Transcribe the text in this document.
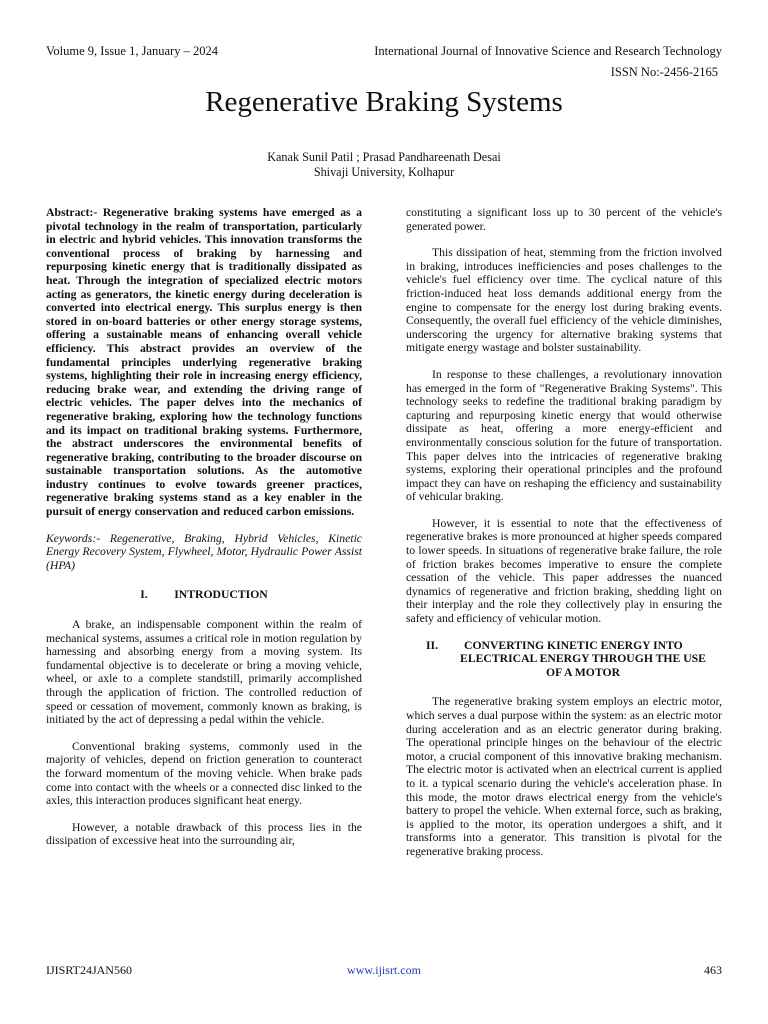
Volume 9, Issue 1, January – 2024	International Journal of Innovative Science and Research Technology
ISSN No:-2456-2165
Regenerative Braking Systems
Kanak Sunil Patil ; Prasad Pandhareenath Desai
Shivaji University, Kolhapur

Abstract:- Regenerative braking systems have emerged as a pivotal technology in the realm of transportation, particularly in electric and hybrid vehicles. This innovation transforms the conventional process of braking by harnessing and repurposing kinetic energy that is traditionally dissipated as heat. Through the integration of specialized electric motors acting as generators, the kinetic energy during deceleration is converted into electrical energy. This surplus energy is then stored in on-board batteries or other energy storage systems, offering a sustainable means of enhancing overall vehicle efficiency. This abstract provides an overview of the fundamental principles underlying regenerative braking systems, highlighting their role in increasing energy efficiency, reducing brake wear, and extending the driving range of electric vehicles. The paper delves into the mechanics of regenerative braking, exploring how the technology functions and its impact on traditional braking systems. Furthermore, the abstract underscores the environmental benefits of regenerative braking, contributing to the broader discourse on sustainable transportation solutions. As the automotive industry continues to evolve towards greener practices, regenerative braking systems stand as a key enabler in the pursuit of energy conservation and reduced carbon emissions.

Keywords:- Regenerative, Braking, Hybrid Vehicles, Kinetic Energy Recovery System, Flywheel, Motor, Hydraulic Power Assist (HPA)

I. INTRODUCTION

A brake, an indispensable component within the realm of mechanical systems, assumes a critical role in motion regulation by harnessing and absorbing energy from a moving system. Its fundamental objective is to decelerate or bring a moving vehicle, wheel, or axle to a complete standstill, primarily accomplished through the application of friction. The controlled reduction of speed or cessation of movement, commonly known as braking, is initiated by the act of depressing a pedal within the vehicle.

Conventional braking systems, commonly used in the majority of vehicles, depend on friction generation to counteract the forward momentum of the moving vehicle. When brake pads come into contact with the wheels or a connected disc linked to the axles, this interaction produces significant heat energy.

However, a notable drawback of this process lies in the dissipation of excessive heat into the surrounding air,

constituting a significant loss up to 30 percent of the vehicle's generated power.

This dissipation of heat, stemming from the friction involved in braking, introduces inefficiencies and poses challenges to the vehicle's fuel efficiency over time. The cyclical nature of this friction-induced heat loss demands additional energy from the engine to compensate for the energy lost during braking events. Consequently, the overall fuel efficiency of the vehicle diminishes, underscoring the urgency for alternative braking systems that mitigate energy wastage and bolster sustainability.

In response to these challenges, a revolutionary innovation has emerged in the form of "Regenerative Braking Systems". This technology seeks to redefine the traditional braking paradigm by capturing and repurposing kinetic energy that would otherwise dissipate as heat, offering a more energy-efficient and environmentally conscious solution for the future of transportation. This paper delves into the intricacies of regenerative braking systems, exploring their operational principles and the profound impact they can have on reshaping the efficiency and sustainability of vehicular braking.

However, it is essential to note that the effectiveness of regenerative brakes is more pronounced at higher speeds compared to lower speeds. In situations of regenerative brake failure, the role of friction brakes becomes imperative to ensure the complete cessation of the vehicle. This paper addresses the nuanced dynamics of regenerative and friction braking, shedding light on their interplay and the role they collectively play in ensuring the safety and efficiency of vehicular motion.

II.	CONVERTING KINETIC ENERGY INTO
ELECTRICAL ENERGY THROUGH THE USE
OF A MOTOR

The regenerative braking system employs an electric motor, which serves a dual purpose within the system: as an electric motor during acceleration and as an electric generator during braking. The operational principle hinges on the behaviour of the electric motor, a crucial component of this innovative braking mechanism. The electric motor is activated when an electrical current is applied to it. a typical scenario during the vehicle's acceleration phase. In this mode, the motor draws electrical energy from the vehicle's battery to propel the vehicle. When external force, such as braking, is applied to the motor, its operation undergoes a shift, and it transforms into a generator. This transition is pivotal for the regenerative braking process.

IJISRT24JAN560	www.ijisrt.com	463
